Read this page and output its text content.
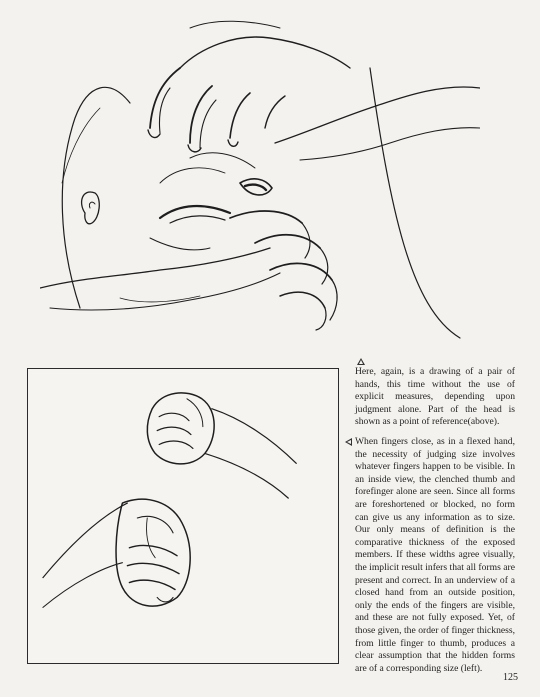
Here, again, is a drawing of a pair of hands, this time without the use of explicit measures, depending upon judgment alone. Part of the head is shown as a point of reference(above).
When fingers close, as in a flexed hand, the necessity of judging size involves whatever fingers happen to be visible. In an inside view, the clenched thumb and forefinger alone are seen. Since all forms are foreshortened or blocked, no form can give us any information as to size. Our only means of definition is the comparative thickness of the exposed members. If these widths agree visually, the implicit result infers that all forms are present and correct. In an underview of a closed hand from an outside position, only the ends of the fingers are visible, and these are not fully exposed. Yet, of those given, the order of finger thickness, from little finger to thumb, produces a clear assumption that the hidden forms are of a corresponding size (left).
125
